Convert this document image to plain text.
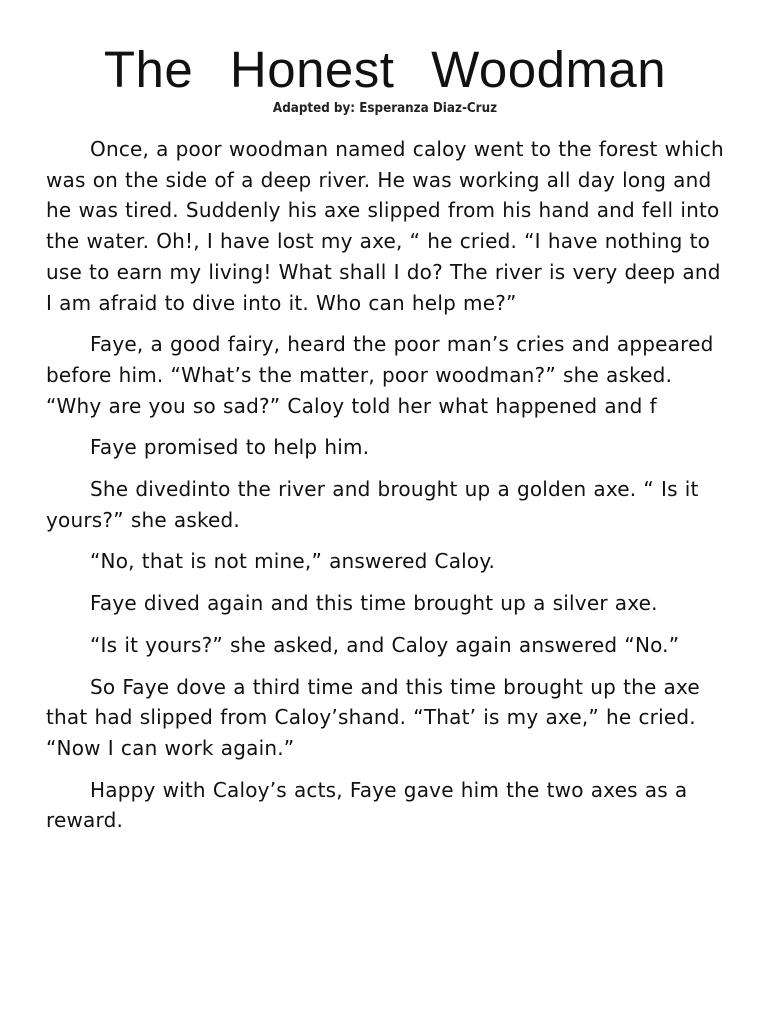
The Honest Woodman
Adapted by: Esperanza Diaz-Cruz

Once, a poor woodman named caloy went to the forest which was on the side of a deep river. He was working all day long and he was tired. Suddenly his axe slipped from his hand and fell into the water. Oh!, I have lost my axe, “ he cried. “I have nothing to use to earn my living! What shall I do? The river is very deep and I am afraid to dive into it. Who can help me?”

Faye, a good fairy, heard the poor man’s cries and appeared before him. “What’s the matter, poor woodman?” she asked. “Why are you so sad?” Caloy told her what happened and f

Faye promised to help him.

She divedinto the river and brought up a golden axe. “ Is it yours?” she asked.

“No, that is not mine,” answered Caloy.

Faye dived again and this time brought up a silver axe.

“Is it yours?” she asked, and Caloy again answered “No.”

So Faye dove a third time and this time brought up the axe that had slipped from Caloy’shand. “That’ is my axe,” he cried. “Now I can work again.”

Happy with Caloy’s acts, Faye gave him the two axes as a reward.
